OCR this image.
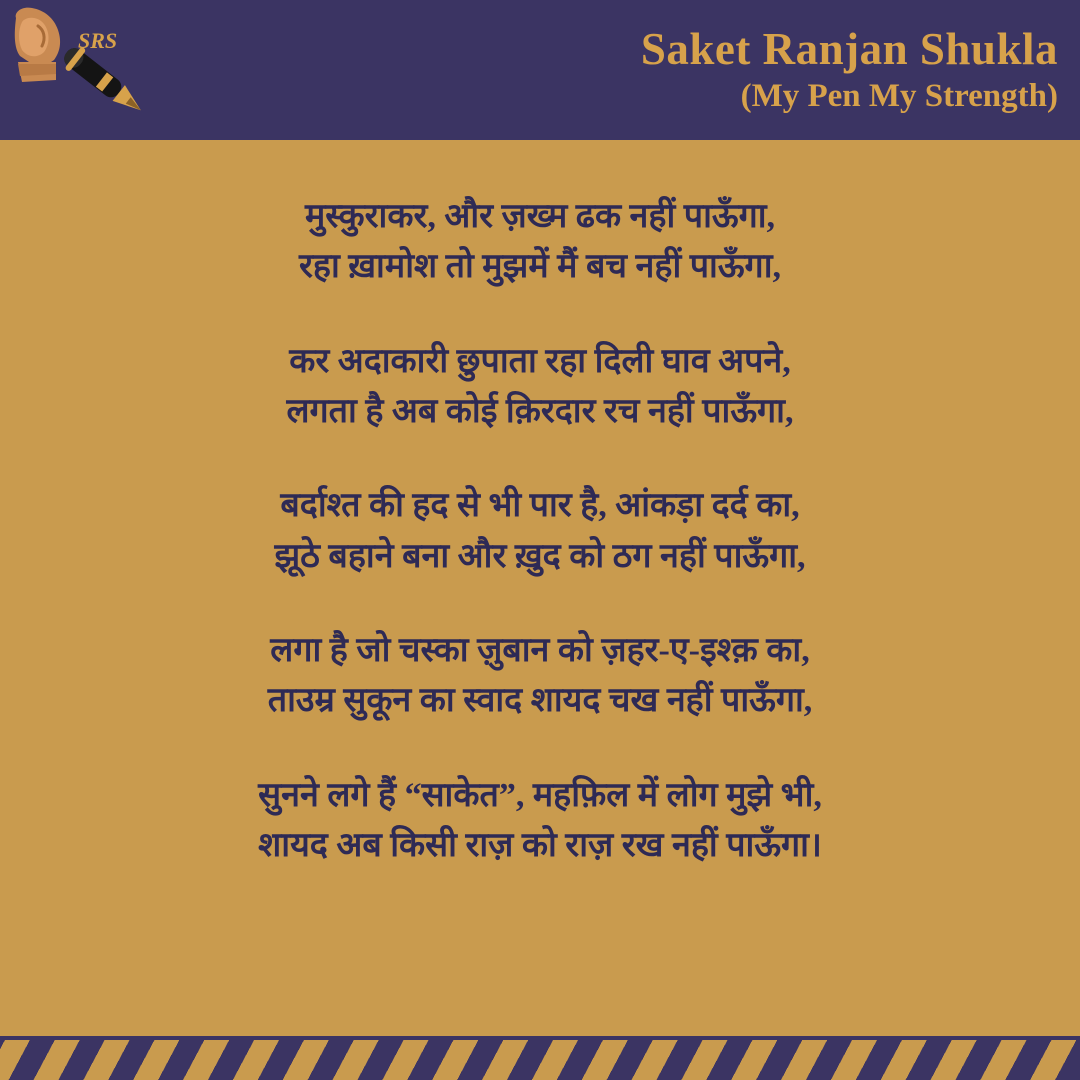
SRS	Saket Ranjan Shukla
(My Pen My Strength)
मुस्कुराकर, और ज़ख्म ढक नहीं पाऊँगा,
रहा ख़ामोश तो मुझमें मैं बच नहीं पाऊँगा,
कर अदाकारी छुपाता रहा दिली घाव अपने,
लगता है अब कोई क़िरदार रच नहीं पाऊँगा,
बर्दाश्त की हद से भी पार है, आंकड़ा दर्द का,
झूठे बहाने बना और ख़ुद को ठग नहीं पाऊँगा,
लगा है जो चस्का ज़ुबान को ज़हर-ए-इश्क़ का,
ताउम्र सुकून का स्वाद शायद चख नहीं पाऊँगा,
सुनने लगे हैं “साकेत”, महफ़िल में लोग मुझे भी,
शायद अब किसी राज़ को राज़ रख नहीं पाऊँगा।
